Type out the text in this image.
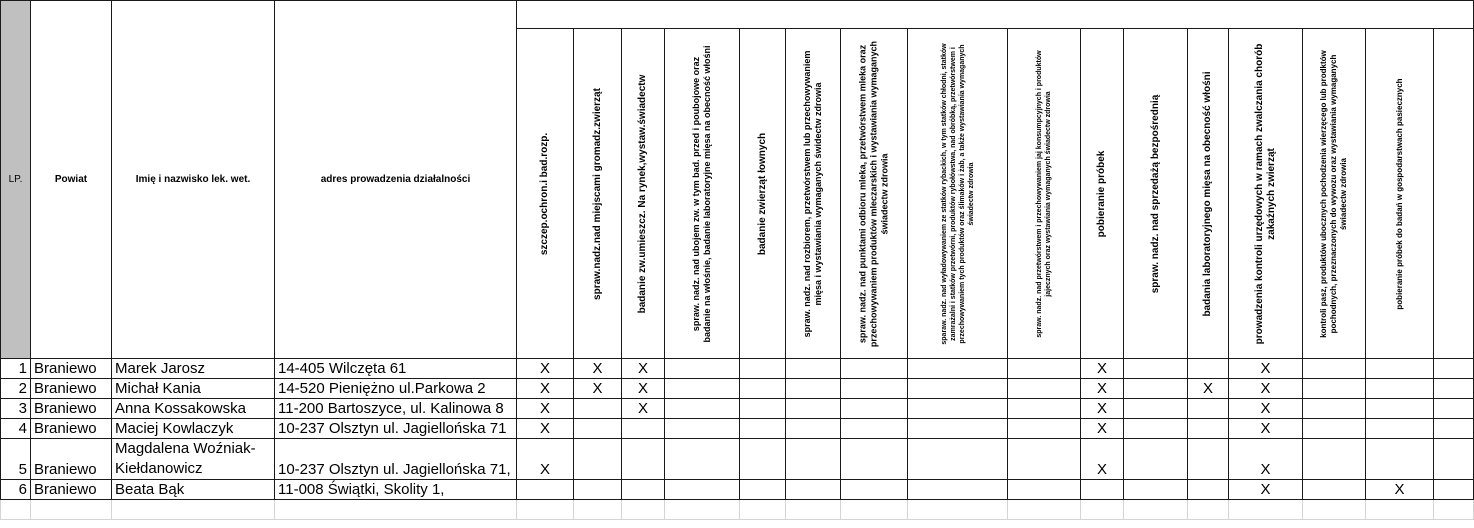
LP.	Powiat	Imię i nazwisko lek. wet.	adres prowadzenia działalności																

				szczep.ochron.i bad.rozp.	spraw.nadz.nad miejscami gromadz.zwierząt	badanie zw.umieszcz. Na rynek,wystaw.świadectw	spraw. nadz. nad ubojem zw. w tym bad. przed i poubojowe oraz badanie na włośnie, badanie laboratoryjne mięsa na obecność włośni	badanie zwierząt łownych	spraw. nadz. nad rozbiorem, przetwórstwem lub przechowywaniem mięsa i wystawiania wymaganych świdectw zdrowia	spraw. nadz. nad punktami odbioru mleka, przetwórstwem mleka oraz przechowywaniem produktów mleczarskich i wystawiania wymaganych świadectw zdrowia	sparaw. nadz. nad wyładowywaniem ze statków rybackich, w tym statków chłodni, statków zamrażalni i statków przetwórni, produktów rybołówstwa, nad obróbką, przetwórstwem i przechowywaniem tych produktów oraz ślimaków i żab, a także wystawiania wymaganych świadectw zdrowia	spraw. nadz. nad przetwórstwem i przechowywaniem jaj konsumpcyjnych i produktów jajecznych oraz wystawiania wymaganych świadectw zdrowia	pobieranie próbek	spraw. nadz. nad sprzedażą bezpośrednią	badania laboratoryjnego mięsa na obecność włośni	prowadzenia kontroli urzędowych w ramach zwalczania chorób zakaźnych zwierząt	kontroli pasz, produktów ubocznych pochodzenia wierzęcego lub prodktów pochodnych, przeznaczonych do wywozu oraz wystawiania wymaganych świadectw zdrowia	pobieranie próbek do badań w gospodarstwach pasiecznych	

1	Braniewo	Marek Jarosz	14-405 Wilczęta 61	X	X	X							X			X			
2	Braniewo	Michał Kania	14-520 Pieniężno ul.Parkowa 2	X	X	X							X		X	X			
3	Braniewo	Anna Kossakowska	11-200 Bartoszyce, ul. Kalinowa 8	X		X							X			X			
4	Braniewo	Maciej Kowlaczyk	10-237 Olsztyn ul. Jagiellońska 71	X									X			X			
5	Braniewo	Magdalena Woźniak-Kiełdanowicz	10-237 Olsztyn ul. Jagiellońska 71,	X									X			X			
6	Braniewo	Beata Bąk	11-008 Świątki, Skolity 1,													X		X	
